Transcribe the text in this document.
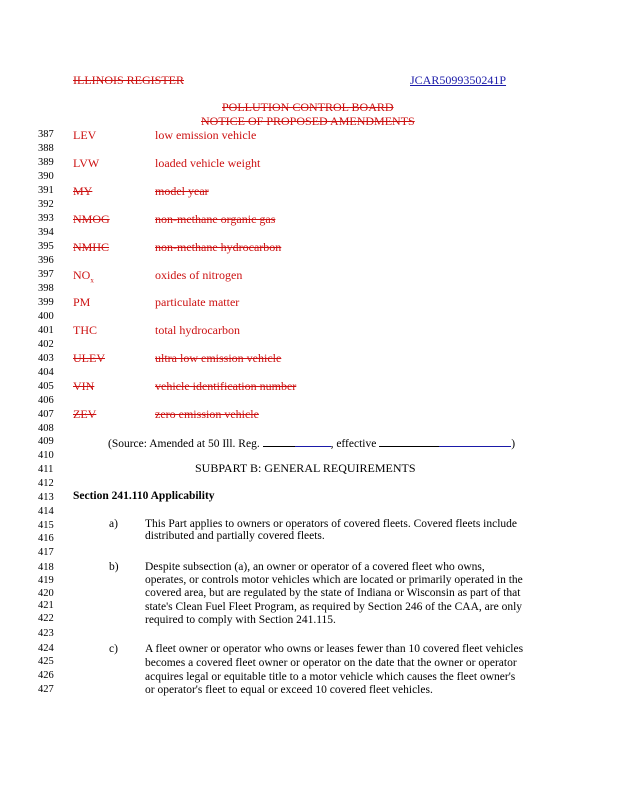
ILLINOIS REGISTER	JCAR5099350241P
POLLUTION CONTROL BOARD
NOTICE OF PROPOSED AMENDMENTS
387
388
389
390
391
392
393
394
395
396
397
398
399
400
401
402
403
404
405
406
407
408
409
410
411
412
413
414
415
416
417
418
419
420
421
422
423
424
425
426
427
LEV	low emission vehicle
LVW	loaded vehicle weight
MY	model year
NMOG	non-methane organic gas
NMHC	non-methane hydrocarbon
$NO_x$	oxides of nitrogen
PM	particulate matter
THC	total hydrocarbon
ULEV	ultra low emission vehicle
VIN	vehicle identification number
ZEV	zero emission vehicle
(Source: Amended at 50 Ill. Reg.	, effective	)
SUBPART B: GENERAL REQUIREMENTS
Section 241.110 Applicability
a) This Part applies to owners or operators of covered fleets. Covered fleets include
distributed and partially covered fleets.
b) Despite subsection (a), an owner or operator of a covered fleet who owns,
operates, or controls motor vehicles which are located or primarily operated in the
covered area, but are regulated by the state of Indiana or Wisconsin as part of that
state's Clean Fuel Fleet Program, as required by Section 246 of the CAA, are only
required to comply with Section 241.115.
c) A fleet owner or operator who owns or leases fewer than 10 covered fleet vehicles
becomes a covered fleet owner or operator on the date that the owner or operator
acquires legal or equitable title to a motor vehicle which causes the fleet owner's
or operator's fleet to equal or exceed 10 covered fleet vehicles.
